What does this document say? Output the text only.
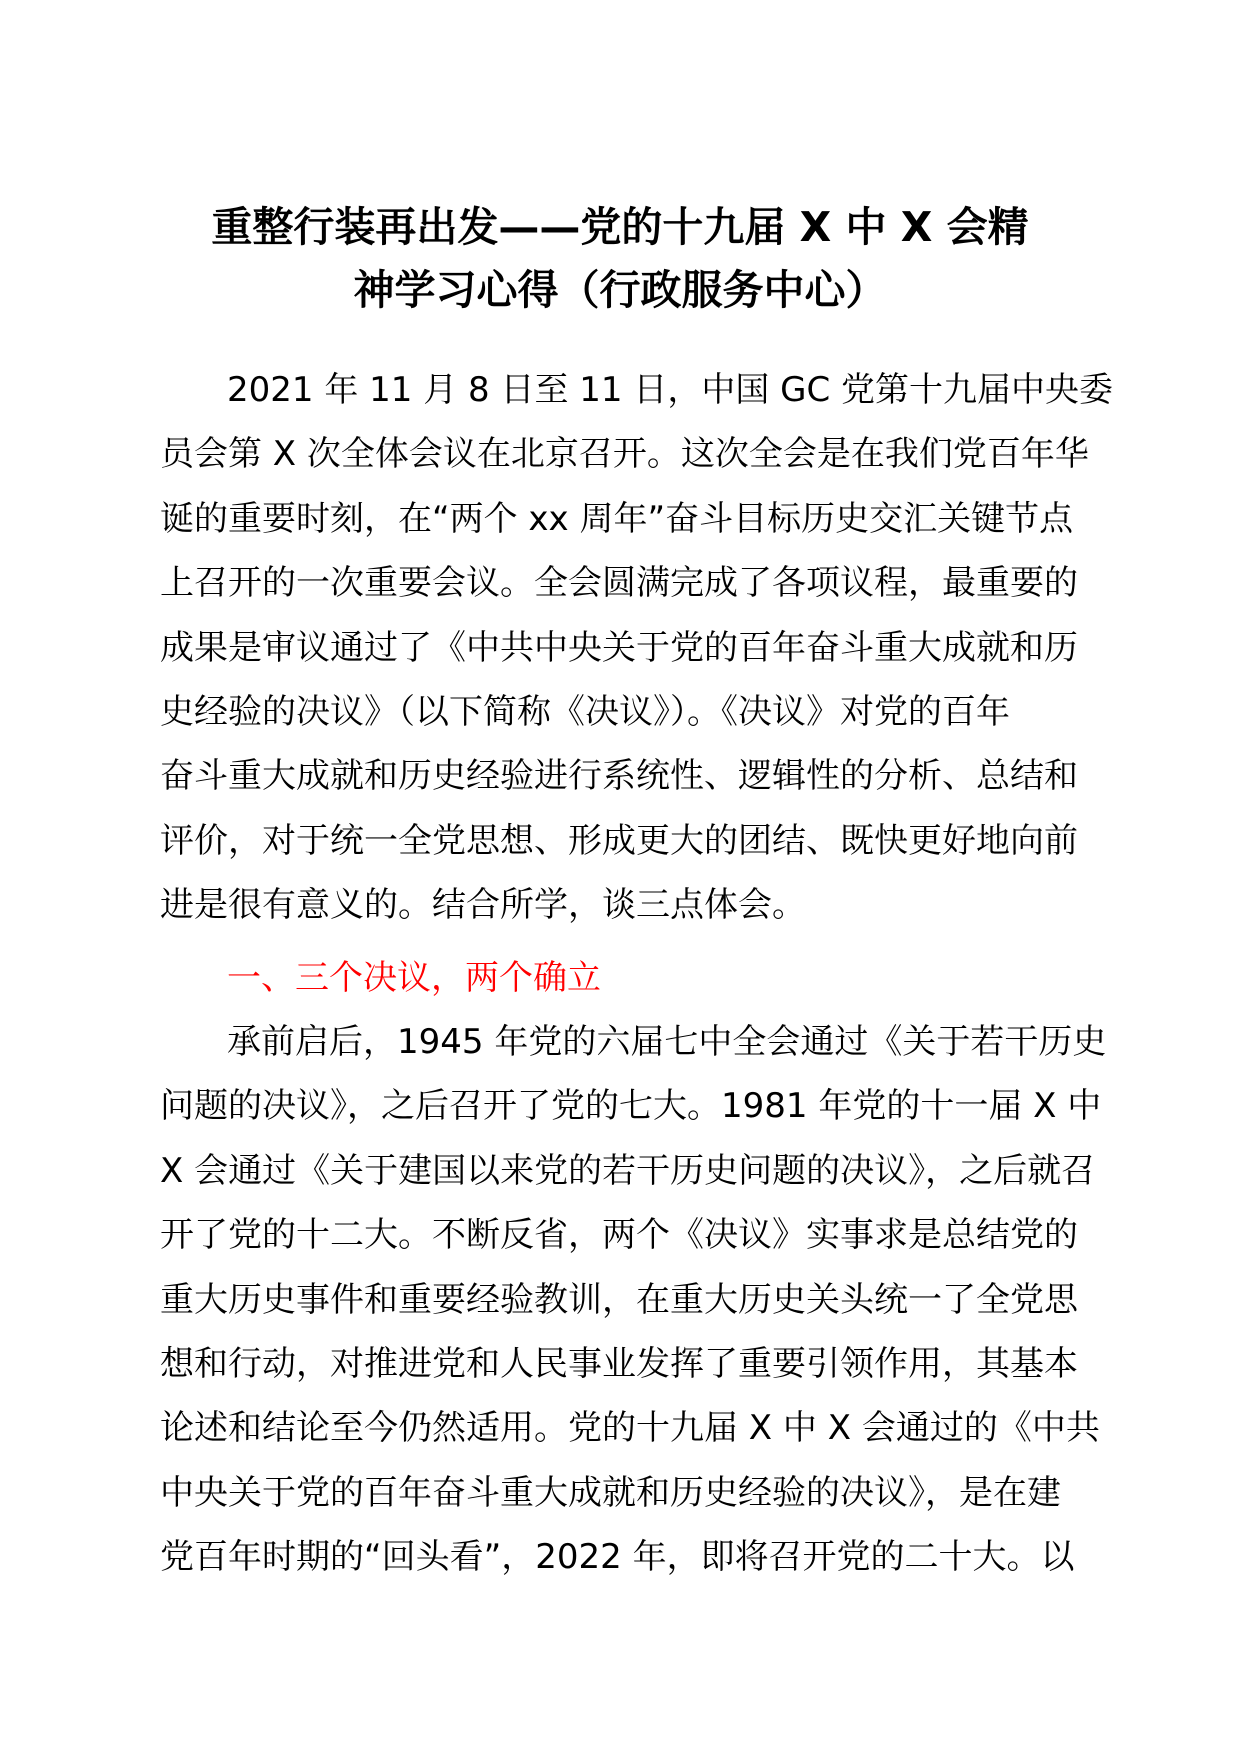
重整行装再出发——党的十九届 X 中 X 会精
神学习心得（行政服务中心）

2021 年 11 月 8 日至 11 日，中国 GC 党第十九届中央委
员会第 X 次全体会议在北京召开。这次全会是在我们党百年华
诞的重要时刻，在“两个 xx 周年”奋斗目标历史交汇关键节点
上召开的一次重要会议。全会圆满完成了各项议程，最重要的
成果是审议通过了《中共中央关于党的百年奋斗重大成就和历
史经验的决议》（以下简称《决议》）。《决议》对党的百年
奋斗重大成就和历史经验进行系统性、逻辑性的分析、总结和
评价，对于统一全党思想、形成更大的团结、既快更好地向前
进是很有意义的。结合所学，谈三点体会。

一、三个决议，两个确立

承前启后，1945 年党的六届七中全会通过《关于若干历史
问题的决议》，之后召开了党的七大。1981 年党的十一届 X 中
X 会通过《关于建国以来党的若干历史问题的决议》，之后就召
开了党的十二大。不断反省，两个《决议》实事求是总结党的
重大历史事件和重要经验教训，在重大历史关头统一了全党思
想和行动，对推进党和人民事业发挥了重要引领作用，其基本
论述和结论至今仍然适用。党的十九届 X 中 X 会通过的《中共
中央关于党的百年奋斗重大成就和历史经验的决议》，是在建
党百年时期的“回头看”，2022 年，即将召开党的二十大。以
